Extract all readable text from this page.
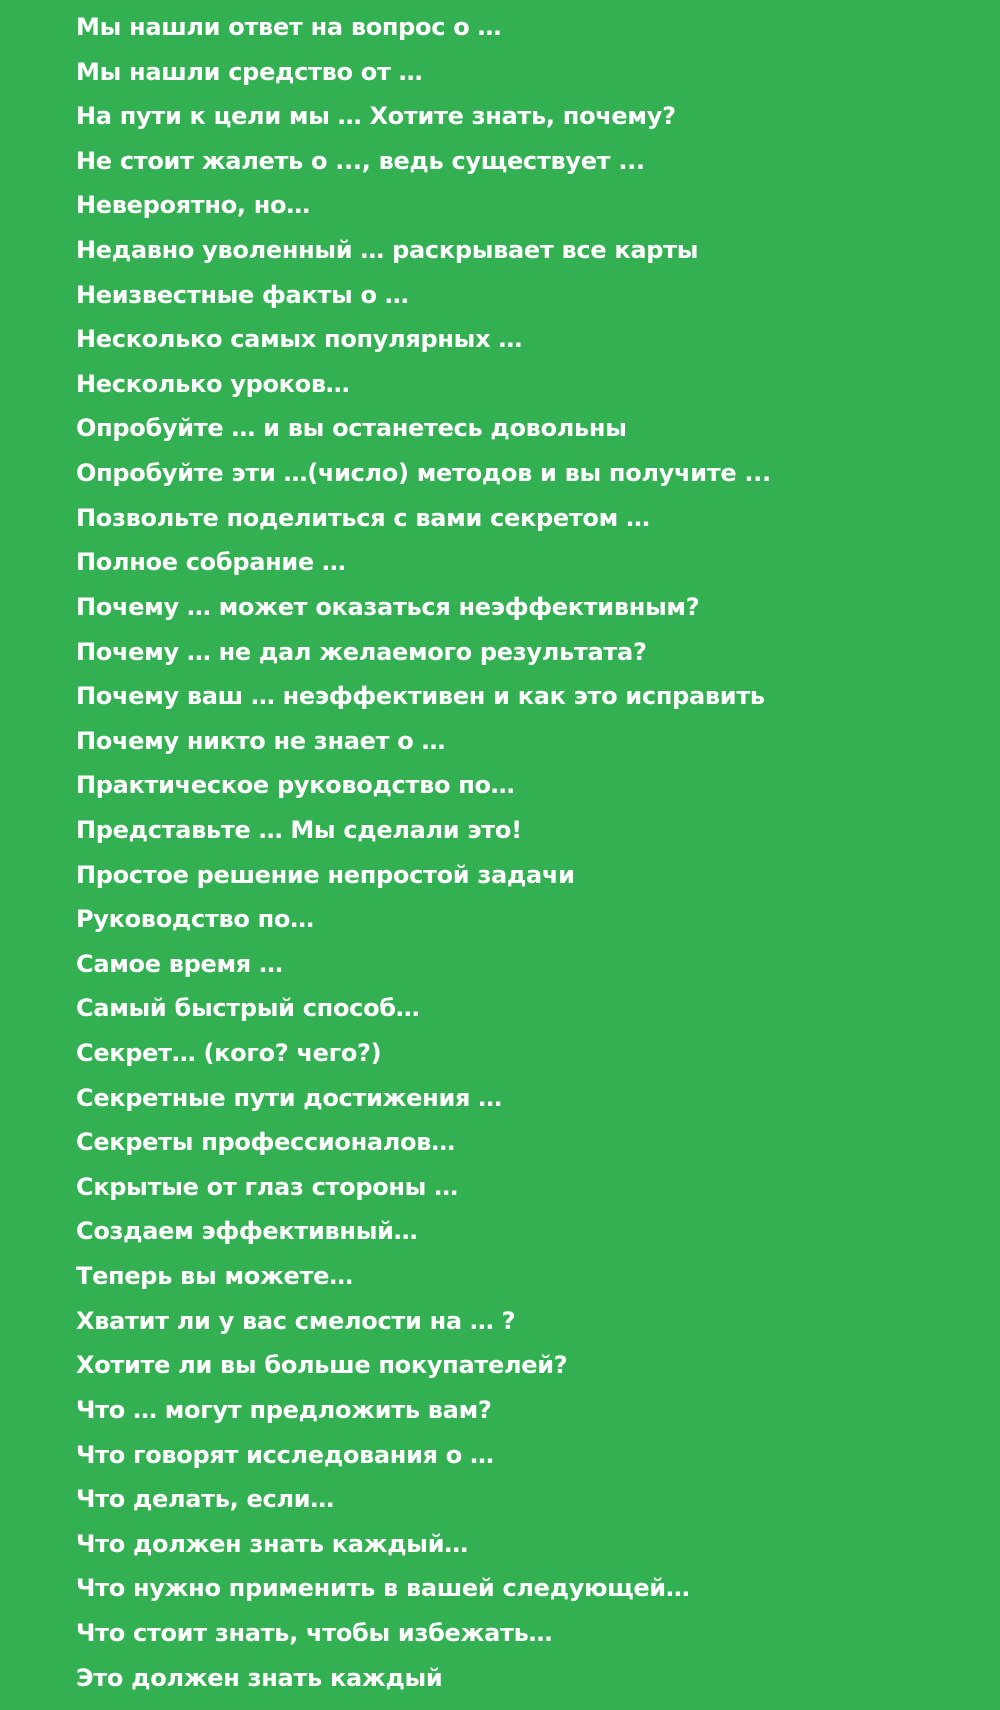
Мы нашли ответ на вопрос о …
Мы нашли средство от …
На пути к цели мы … Хотите знать, почему?
Не стоит жалеть о ..., ведь существует ...
Невероятно, но…
Недавно уволенный … раскрывает все карты
Неизвестные факты о …
Несколько самых популярных …
Несколько уроков…
Опробуйте … и вы останетесь довольны
Опробуйте эти …(число) методов и вы получите ...
Позвольте поделиться с вами секретом …
Полное собрание …
Почему … может оказаться неэффективным?
Почему … не дал желаемого результата?
Почему ваш … неэффективен и как это исправить
Почему никто не знает о …
Практическое руководство по…
Представьте … Мы сделали это!
Простое решение непростой задачи
Руководство по…
Самое время …
Самый быстрый способ…
Секрет… (кого? чего?)
Секретные пути достижения …
Секреты профессионалов…
Скрытые от глаз стороны …
Создаем эффективный…
Теперь вы можете…
Хватит ли у вас смелости на … ?
Хотите ли вы больше покупателей?
Что … могут предложить вам?
Что говорят исследования о …
Что делать, если…
Что должен знать каждый…
Что нужно применить в вашей следующей…
Что стоит знать, чтобы избежать…
Это должен знать каждый
